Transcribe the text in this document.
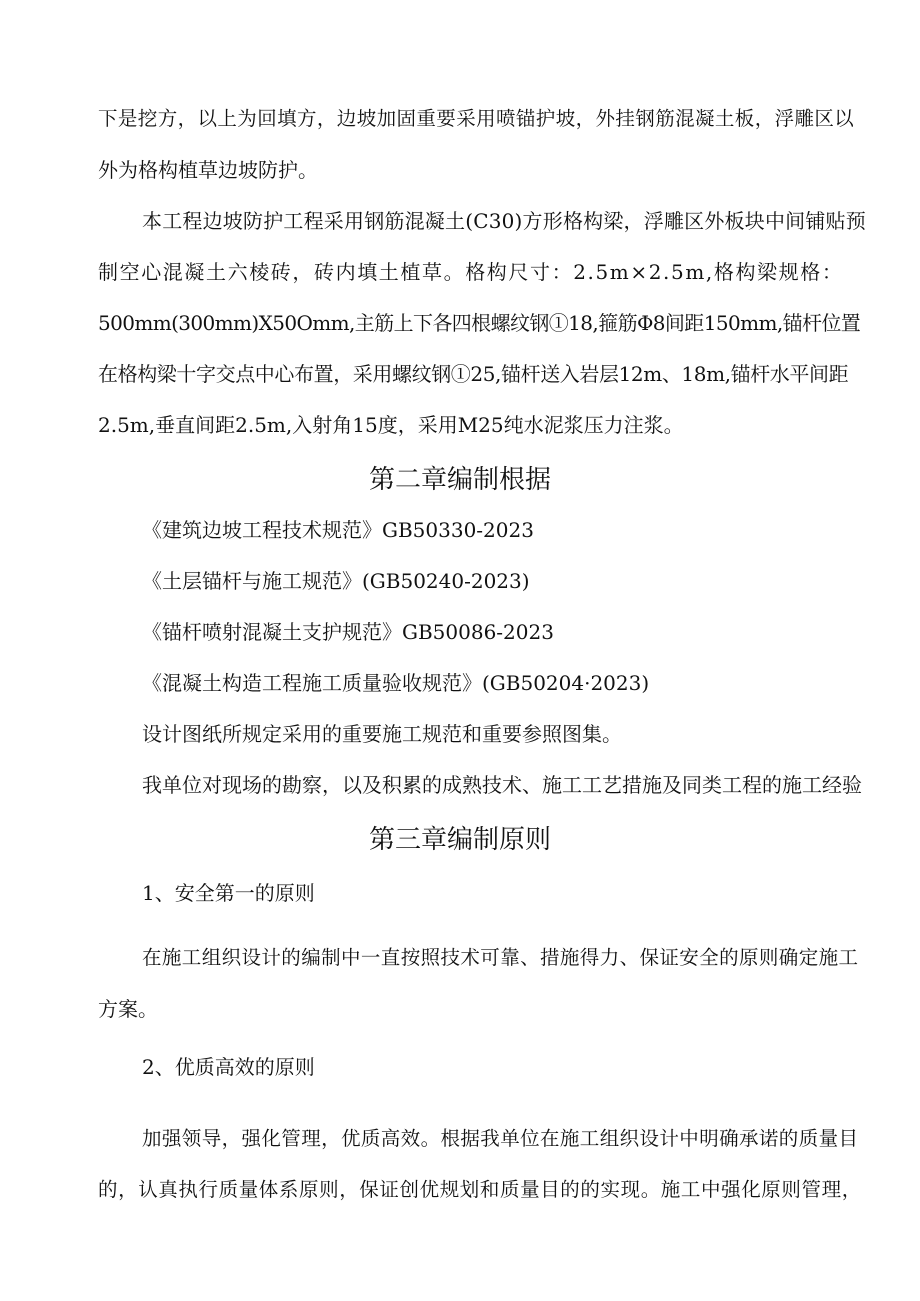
下是挖方，以上为回填方，边坡加固重要采用喷锚护坡，外挂钢筋混凝土板，浮雕区以
外为格构植草边坡防护。
本工程边坡防护工程采用钢筋混凝土(C30)方形格构梁，浮雕区外板块中间铺贴预
制空心混凝土六棱砖，砖内填土植草。格构尺寸：2.5m×2.5m,格构梁规格：
500mm(300mm)X50Omm,主筋上下各四根螺纹钢①18,箍筋Φ8间距150mm,锚杆位置
在格构梁十字交点中心布置，采用螺纹钢①25,锚杆送入岩层12m、18m,锚杆水平间距
2.5m,垂直间距2.5m,入射角15度，采用M25纯水泥浆压力注浆。
第二章编制根据
《建筑边坡工程技术规范》GB50330-2023
《土层锚杆与施工规范》(GB50240-2023)
《锚杆喷射混凝土支护规范》GB50086-2023
《混凝土构造工程施工质量验收规范》(GB50204·2023)
设计图纸所规定采用的重要施工规范和重要参照图集。
我单位对现场的勘察，以及积累的成熟技术、施工工艺措施及同类工程的施工经验
第三章编制原则
1、安全第一的原则
在施工组织设计的编制中一直按照技术可靠、措施得力、保证安全的原则确定施工
方案。
2、优质高效的原则
加强领导，强化管理，优质高效。根据我单位在施工组织设计中明确承诺的质量目
的，认真执行质量体系原则，保证创优规划和质量目的的实现。施工中强化原则管理，
